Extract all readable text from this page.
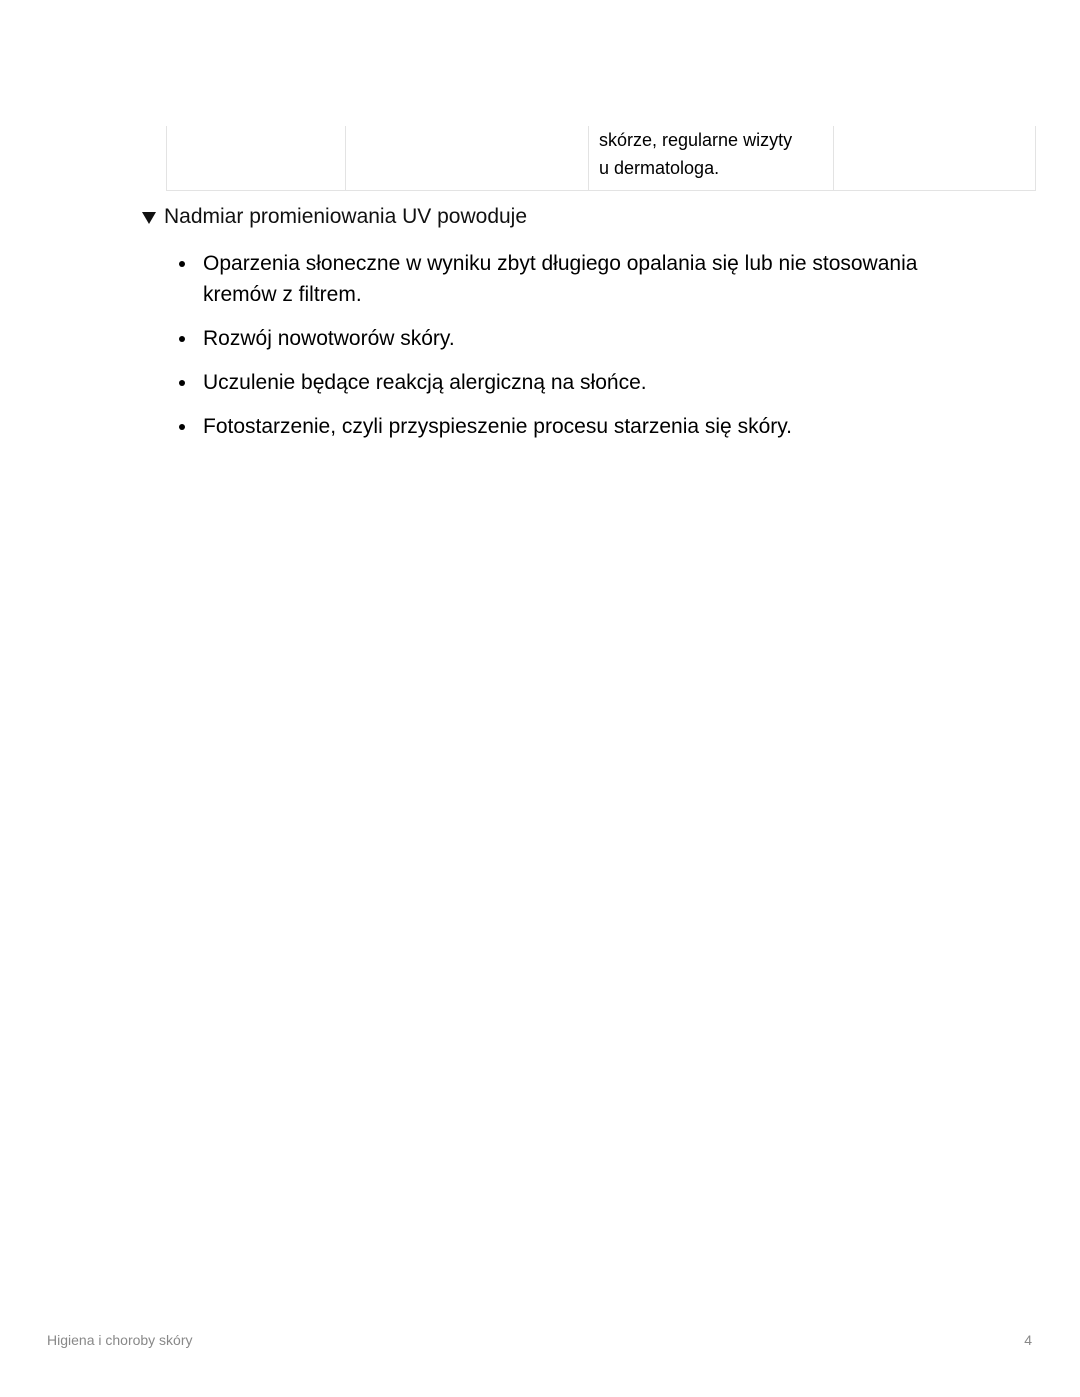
skórze, regularne wizyty
u dermatologa.

Nadmiar promieniowania UV powoduje
Oparzenia słoneczne w wyniku zbyt długiego opalania się lub nie stosowania kremów z filtrem.
Rozwój nowotworów skóry.
Uczulenie będące reakcją alergiczną na słońce.
Fotostarzenie, czyli przyspieszenie procesu starzenia się skóry.
Higiena i choroby skóry	4
